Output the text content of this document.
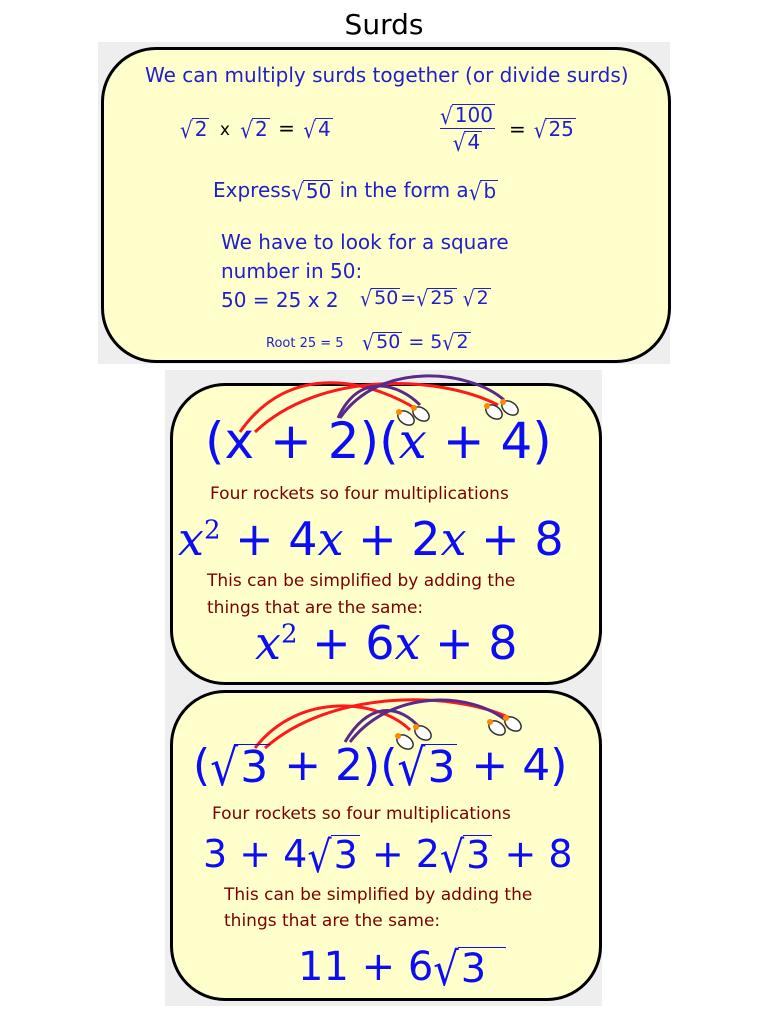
Surds
We can multiply surds together (or divide surds)
√ 2 x √ 2 = √ 4	$\frac{√ 100}{√ 4}$ = √ 25
Express √ 50 in the form a √ b
We have to look for a square
number in 50:
50 = 25 x 2 √ 50 = √ 25
√ 2
Root 25 = 5 √ 50 = 5 √ 2
(x + 2)(x + 4)
Four rockets so four multiplications
$x^2 + 4x + 2x + 8$
This can be simplified by adding the
things that are the same:
$x^2 + 6x + 8$
( √ 3 + 2)( √ 3 + 4)
Four rockets so four multiplications
3 + 4 √ 3 + 2 √ 3 + 8
This can be simplified by adding the
things that are the same:
11 + 6 √ 3
